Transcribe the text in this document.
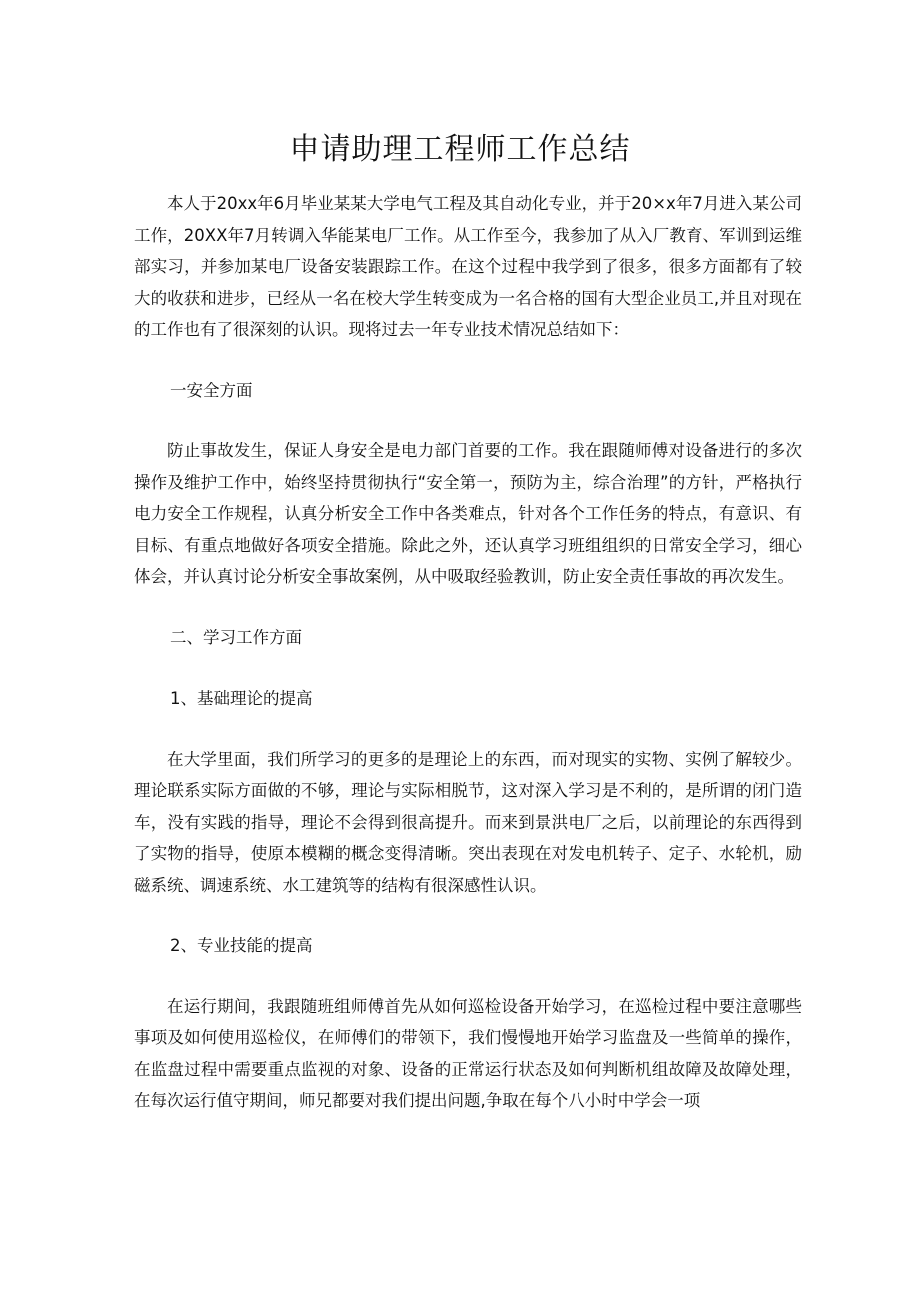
申请助理工程师工作总结

本人于20xx年6月毕业某某大学电气工程及其自动化专业，并于20×x年7月进入某公司工作，20XX年7月转调入华能某电厂工作。从工作至今，我参加了从入厂教育、军训到运维部实习，并参加某电厂设备安装跟踪工作。在这个过程中我学到了很多，很多方面都有了较大的收获和进步，已经从一名在校大学生转变成为一名合格的国有大型企业员工,并且对现在的工作也有了很深刻的认识。现将过去一年专业技术情况总结如下：

一安全方面

防止事故发生，保证人身安全是电力部门首要的工作。我在跟随师傅对设备进行的多次操作及维护工作中，始终坚持贯彻执行“安全第一，预防为主，综合治理”的方针，严格执行电力安全工作规程，认真分析安全工作中各类难点，针对各个工作任务的特点，有意识、有目标、有重点地做好各项安全措施。除此之外，还认真学习班组组织的日常安全学习，细心体会，并认真讨论分析安全事故案例，从中吸取经验教训，防止安全责任事故的再次发生。

二、学习工作方面

1、基础理论的提高

在大学里面，我们所学习的更多的是理论上的东西，而对现实的实物、实例了解较少。理论联系实际方面做的不够，理论与实际相脱节，这对深入学习是不利的，是所谓的闭门造车，没有实践的指导，理论不会得到很高提升。而来到景洪电厂之后，以前理论的东西得到了实物的指导，使原本模糊的概念变得清晰。突出表现在对发电机转子、定子、水轮机，励磁系统、调速系统、水工建筑等的结构有很深感性认识。

2、专业技能的提高

在运行期间，我跟随班组师傅首先从如何巡检设备开始学习，在巡检过程中要注意哪些事项及如何使用巡检仪，在师傅们的带领下，我们慢慢地开始学习监盘及一些简单的操作，在监盘过程中需要重点监视的对象、设备的正常运行状态及如何判断机组故障及故障处理，在每次运行值守期间，师兄都要对我们提出问题,争取在每个八小时中学会一项
